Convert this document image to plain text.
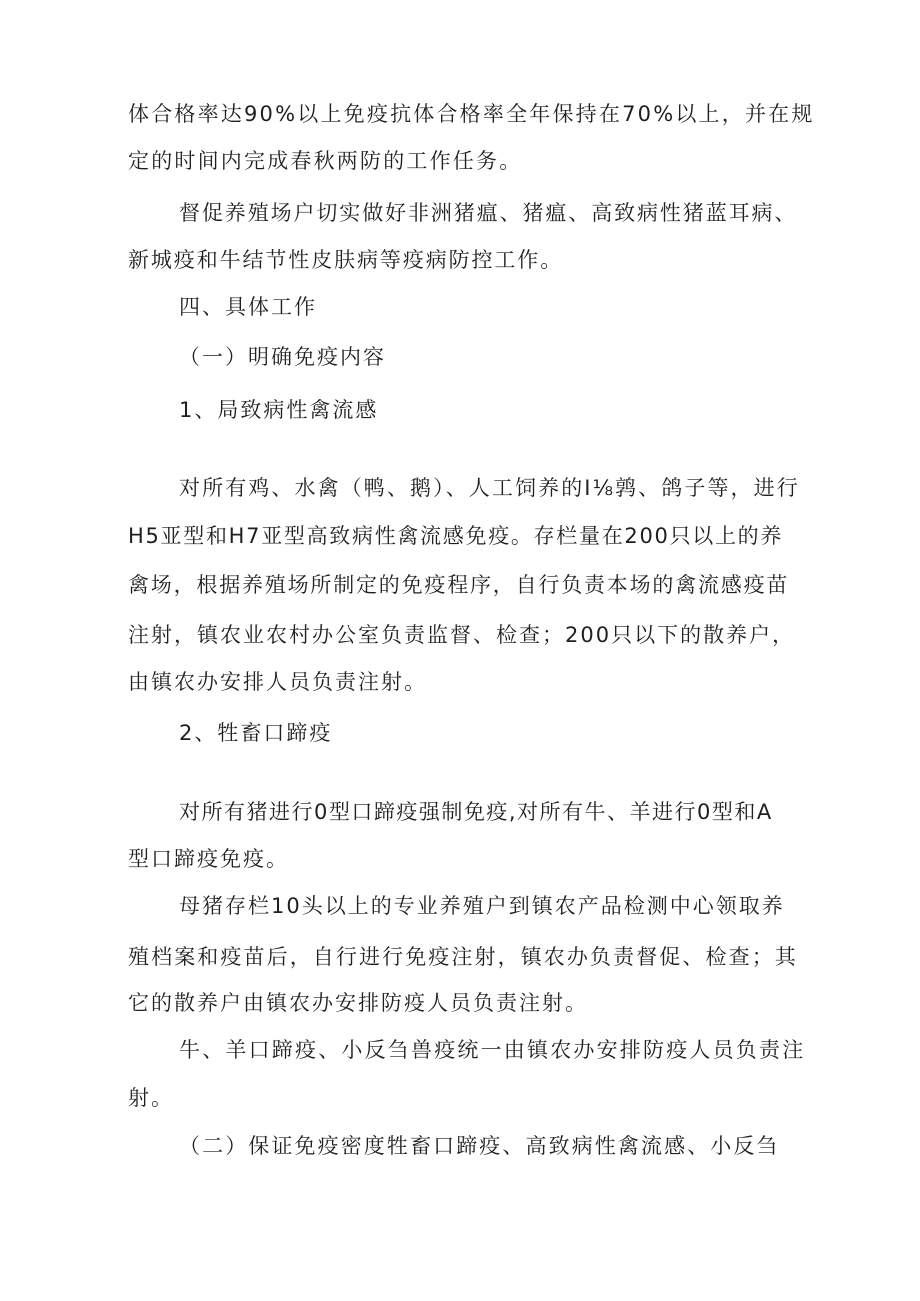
体合格率达90%以上免疫抗体合格率全年保持在70%以上，并在规
定的时间内完成春秋两防的工作任务。
督促养殖场户切实做好非洲猪瘟、猪瘟、高致病性猪蓝耳病、
新城疫和牛结节性皮肤病等疫病防控工作。
四、具体工作
（一）明确免疫内容
1、局致病性禽流感
对所有鸡、水禽（鸭、鹅）、人工饲养的I⅛鹑、鸽子等，进行
H5亚型和H7亚型高致病性禽流感免疫。存栏量在200只以上的养
禽场，根据养殖场所制定的免疫程序，自行负责本场的禽流感疫苗
注射，镇农业农村办公室负责监督、检查；200只以下的散养户，
由镇农办安排人员负责注射。
2、牲畜口蹄疫
对所有猪进行0型口蹄疫强制免疫,对所有牛、羊进行0型和A
型口蹄疫免疫。
母猪存栏10头以上的专业养殖户到镇农产品检测中心领取养
殖档案和疫苗后，自行进行免疫注射，镇农办负责督促、检查；其
它的散养户由镇农办安排防疫人员负责注射。
牛、羊口蹄疫、小反刍兽疫统一由镇农办安排防疫人员负责注
射。
（二）保证免疫密度牲畜口蹄疫、高致病性禽流感、小反刍
